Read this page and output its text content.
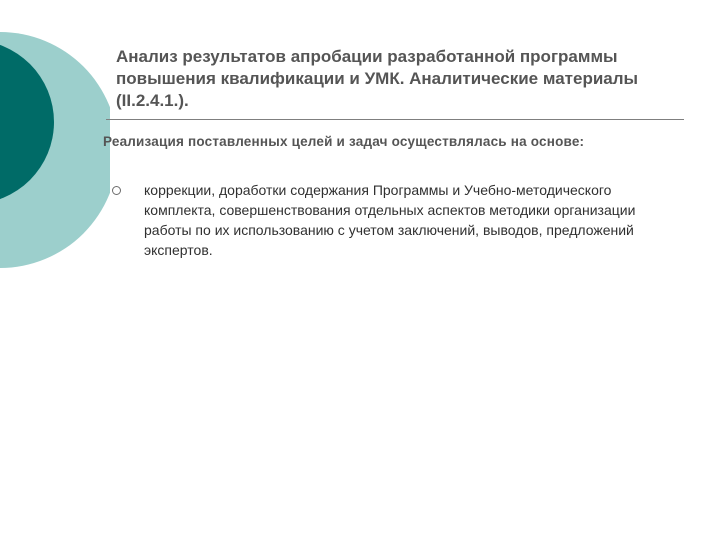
Анализ результатов апробации разработанной программы повышения квалификации и УМК. Аналитические материалы (II.2.4.1.).

Реализация поставленных целей и задач осуществлялась на основе:

коррекции, доработки содержания Программы и Учебно-методического комплекта, совершенствования отдельных аспектов методики организации работы по их использованию с учетом заключений, выводов, предложений экспертов.
